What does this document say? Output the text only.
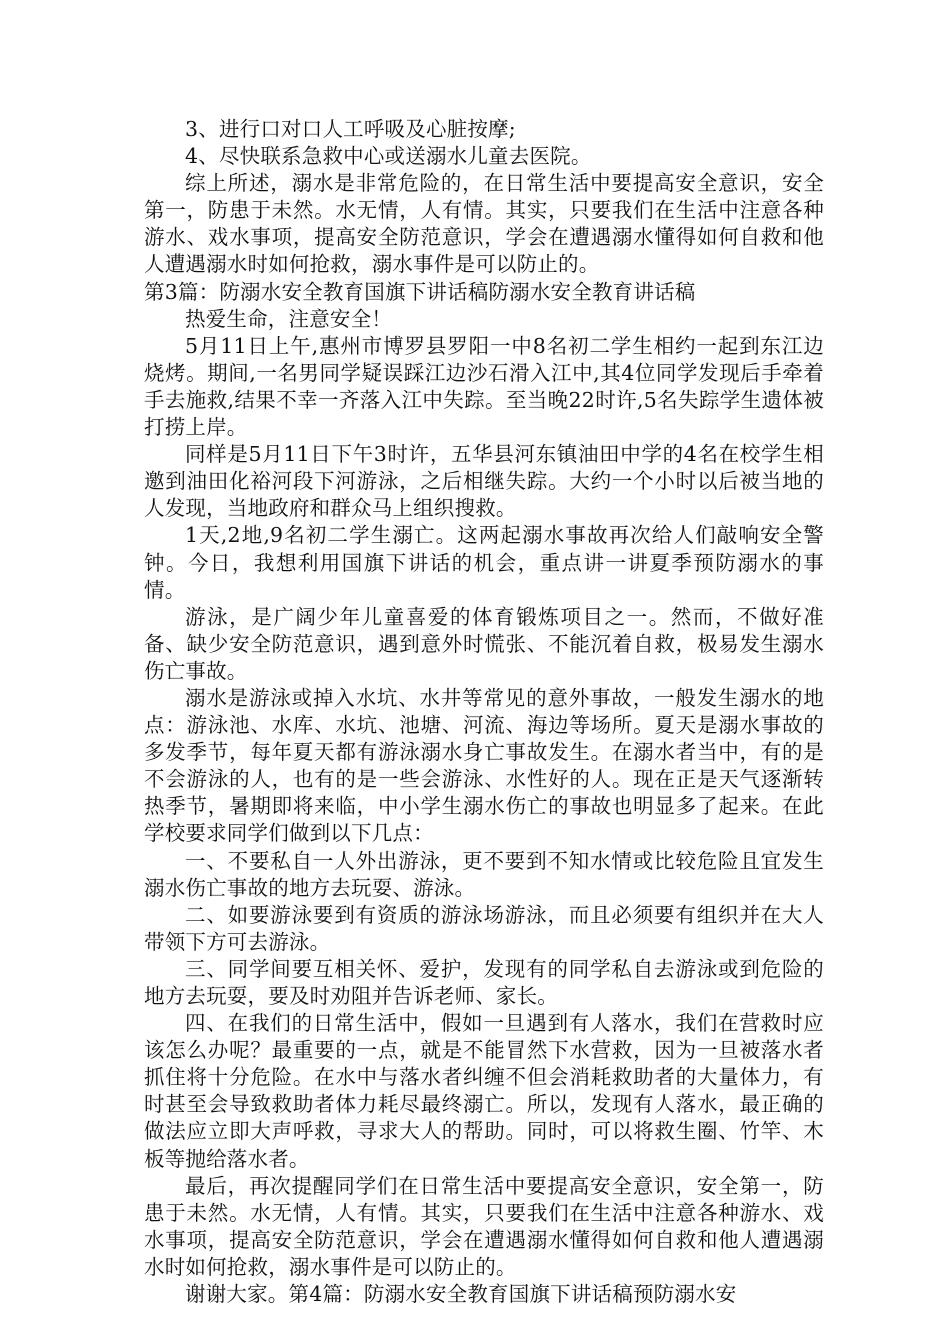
3、进行口对口人工呼吸及心脏按摩;

4、尽快联系急救中心或送溺水儿童去医院。

综上所述，溺水是非常危险的，在日常生活中要提高安全意识，安全第一，防患于未然。水无情，人有情。其实，只要我们在生活中注意各种游水、戏水事项，提高安全防范意识，学会在遭遇溺水懂得如何自救和他人遭遇溺水时如何抢救，溺水事件是可以防止的。

第3篇：防溺水安全教育国旗下讲话稿防溺水安全教育讲话稿

热爱生命，注意安全！

5月11日上午,惠州市博罗县罗阳一中8名初二学生相约一起到东江边烧烤。期间,一名男同学疑误踩江边沙石滑入江中,其4位同学发现后手牵着手去施救,结果不幸一齐落入江中失踪。至当晚22时许,5名失踪学生遗体被打捞上岸。

同样是5月11日下午3时许，五华县河东镇油田中学的4名在校学生相邀到油田化裕河段下河游泳，之后相继失踪。大约一个小时以后被当地的人发现，当地政府和群众马上组织搜救。

1天,2地,9名初二学生溺亡。这两起溺水事故再次给人们敲响安全警钟。今日，我想利用国旗下讲话的机会，重点讲一讲夏季预防溺水的事情。

游泳，是广阔少年儿童喜爱的体育锻炼项目之一。然而，不做好准备、缺少安全防范意识，遇到意外时慌张、不能沉着自救，极易发生溺水伤亡事故。

溺水是游泳或掉入水坑、水井等常见的意外事故，一般发生溺水的地点：游泳池、水库、水坑、池塘、河流、海边等场所。夏天是溺水事故的多发季节，每年夏天都有游泳溺水身亡事故发生。在溺水者当中，有的是不会游泳的人，也有的是一些会游泳、水性好的人。现在正是天气逐渐转热季节，暑期即将来临，中小学生溺水伤亡的事故也明显多了起来。在此学校要求同学们做到以下几点：

一、不要私自一人外出游泳，更不要到不知水情或比较危险且宜发生溺水伤亡事故的地方去玩耍、游泳。

二、如要游泳要到有资质的游泳场游泳，而且必须要有组织并在大人带领下方可去游泳。

三、同学间要互相关怀、爱护，发现有的同学私自去游泳或到危险的地方去玩耍，要及时劝阻并告诉老师、家长。

四、在我们的日常生活中，假如一旦遇到有人落水，我们在营救时应该怎么办呢？最重要的一点，就是不能冒然下水营救，因为一旦被落水者抓住将十分危险。在水中与落水者纠缠不但会消耗救助者的大量体力，有时甚至会导致救助者体力耗尽最终溺亡。所以，发现有人落水，最正确的做法应立即大声呼救，寻求大人的帮助。同时，可以将救生圈、竹竿、木板等抛给落水者。

最后，再次提醒同学们在日常生活中要提高安全意识，安全第一，防患于未然。水无情，人有情。其实，只要我们在生活中注意各种游水、戏水事项，提高安全防范意识，学会在遭遇溺水懂得如何自救和他人遭遇溺水时如何抢救，溺水事件是可以防止的。

谢谢大家。第4篇：防溺水安全教育国旗下讲话稿预防溺水安
